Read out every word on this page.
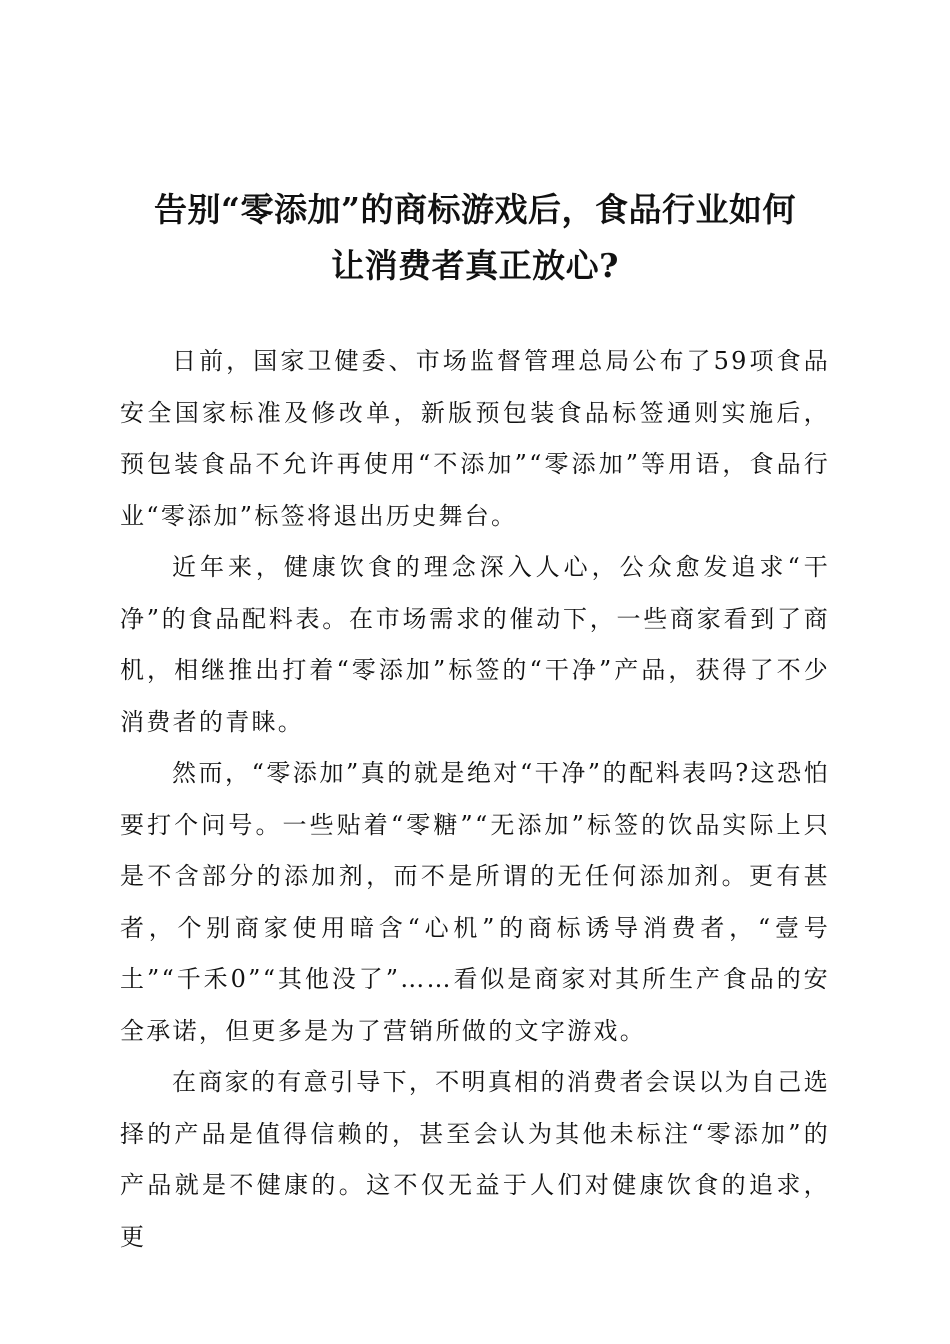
告别“零添加”的商标游戏后，食品行业如何
让消费者真正放心?

日前，国家卫健委、市场监督管理总局公布了59项食品安全国家标准及修改单，新版预包装食品标签通则实施后，预包装食品不允许再使用“不添加”“零添加”等用语，食品行业“零添加”标签将退出历史舞台。

近年来，健康饮食的理念深入人心，公众愈发追求“干净”的食品配料表。在市场需求的催动下，一些商家看到了商机，相继推出打着“零添加”标签的“干净”产品，获得了不少消费者的青睐。

然而，“零添加”真的就是绝对“干净”的配料表吗?这恐怕要打个问号。一些贴着“零糖”“无添加”标签的饮品实际上只是不含部分的添加剂，而不是所谓的无任何添加剂。更有甚者，个别商家使用暗含“心机”的商标诱导消费者，“壹号土”“千禾0”“其他没了”……看似是商家对其所生产食品的安全承诺，但更多是为了营销所做的文字游戏。

在商家的有意引导下，不明真相的消费者会误以为自己选择的产品是值得信赖的，甚至会认为其他未标注“零添加”的产品就是不健康的。这不仅无益于人们对健康饮食的追求，更
